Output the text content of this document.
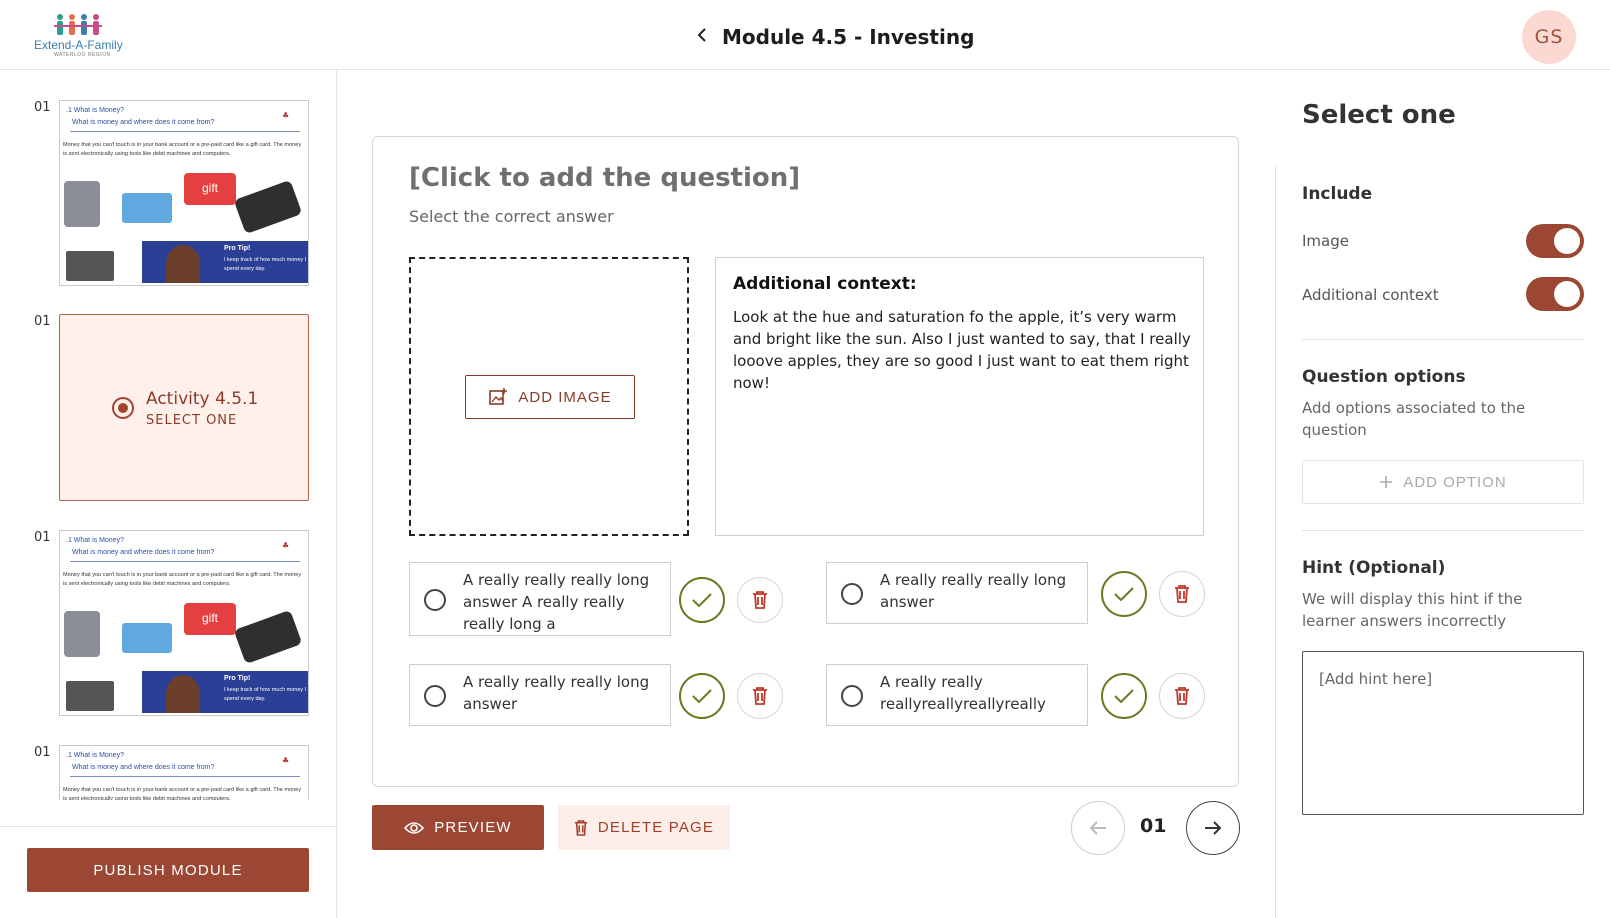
Extend-A-Family
WATERLOO REGION
Module 4.5 - Investing	GS
01 .1 What is Money?
What is money and where does it come from?
♣
Money that you can't touch is in your bank account or a pre-paid card like a gift card. The money is sent electronically using tools like debit machines and computers.
gift
Pro Tip!
I keep track of how much money I spend every day.
01
Activity 4.5.1
SELECT ONE
01 .1 What is Money?
What is money and where does it come from?
♣
Money that you can't touch is in your bank account or a pre-paid card like a gift card. The money is sent electronically using tools like debit machines and computers.
gift
Pro Tip!
I keep track of how much money I spend every day.
01 .1 What is Money?
What is money and where does it come from?
♣
Money that you can't touch is in your bank account or a pre-paid card like a gift card. The money is sent electronically using tools like debit machines and computers.
PUBLISH MODULE
[Click to add the question]
Select the correct answer
ADD IMAGE
Additional context:
Look at the hue and saturation fo the apple, it’s very warm and bright like the sun. Also I just wanted to say, that I really looove apples, they are so good I just want to eat them right now!
A really really really long answer A really really really long a
A really really really long answer
A really really really long answer
A really really reallyreallyreallyreally
PREVIEW	DELETE PAGE	01
Select one
Include
Image
Additional context
Question options
Add options associated to the question
ADD OPTION
Hint (Optional)
We will display this hint if the learner answers incorrectly
[Add hint here]
